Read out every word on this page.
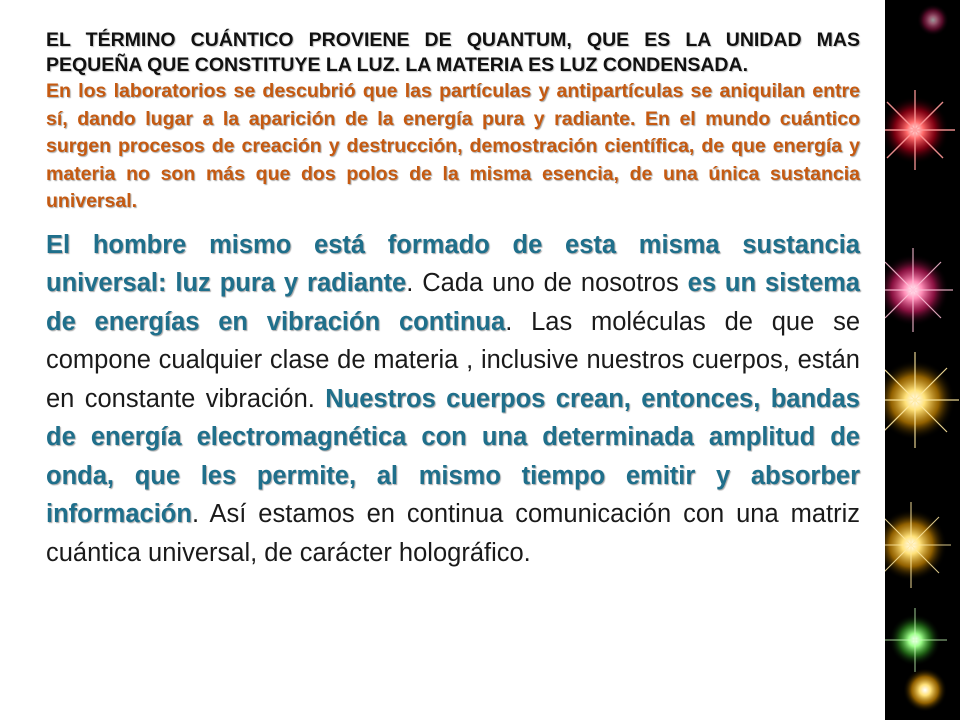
EL TÉRMINO CUÁNTICO PROVIENE DE QUANTUM, QUE ES LA UNIDAD MAS PEQUEÑA QUE CONSTITUYE LA LUZ. LA MATERIA ES LUZ CONDENSADA.

En los laboratorios se descubrió que las partículas y antipartículas se aniquilan entre sí, dando lugar a la aparición de la energía pura y radiante. En el mundo cuántico surgen procesos de creación y destrucción, demostración científica, de que energía y materia no son más que dos polos de la misma esencia, de una única sustancia universal.

El hombre mismo está formado de esta misma sustancia universal: luz pura y radiante. Cada uno de nosotros es un sistema de energías en vibración continua. Las moléculas de que se compone cualquier clase de materia , inclusive nuestros cuerpos, están en constante vibración. Nuestros cuerpos crean, entonces, bandas de energía electromagnética con una determinada amplitud de onda, que les permite, al mismo tiempo emitir y absorber información. Así estamos en continua comunicación con una matriz cuántica universal, de carácter holográfico.
